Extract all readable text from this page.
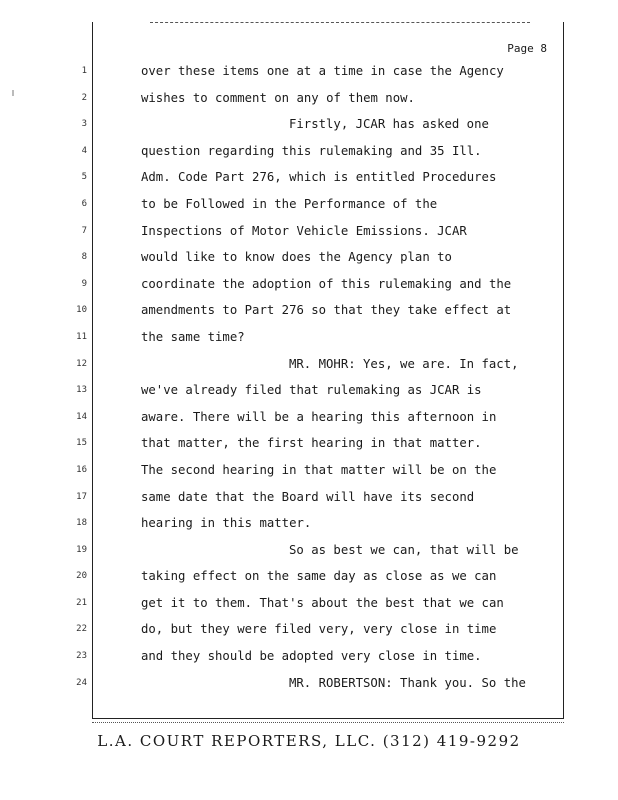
Page 8
1	over these items one at a time in case the Agency
2	wishes to comment on any of them now.
3	Firstly, JCAR has asked one
4	question regarding this rulemaking and 35 Ill.
5	Adm. Code Part 276, which is entitled Procedures
6	to be Followed in the Performance of the
7	Inspections of Motor Vehicle Emissions. JCAR
8	would like to know does the Agency plan to
9	coordinate the adoption of this rulemaking and the
10	amendments to Part 276 so that they take effect at
11	the same time?
12	MR. MOHR: Yes, we are. In fact,
13	we've already filed that rulemaking as JCAR is
14	aware. There will be a hearing this afternoon in
15	that matter, the first hearing in that matter.
16	The second hearing in that matter will be on the
17	same date that the Board will have its second
18	hearing in this matter.
19	So as best we can, that will be
20	taking effect on the same day as close as we can
21	get it to them. That's about the best that we can
22	do, but they were filed very, very close in time
23	and they should be adopted very close in time.
24	MR. ROBERTSON: Thank you. So the
L.A. COURT REPORTERS, LLC. (312) 419-9292
